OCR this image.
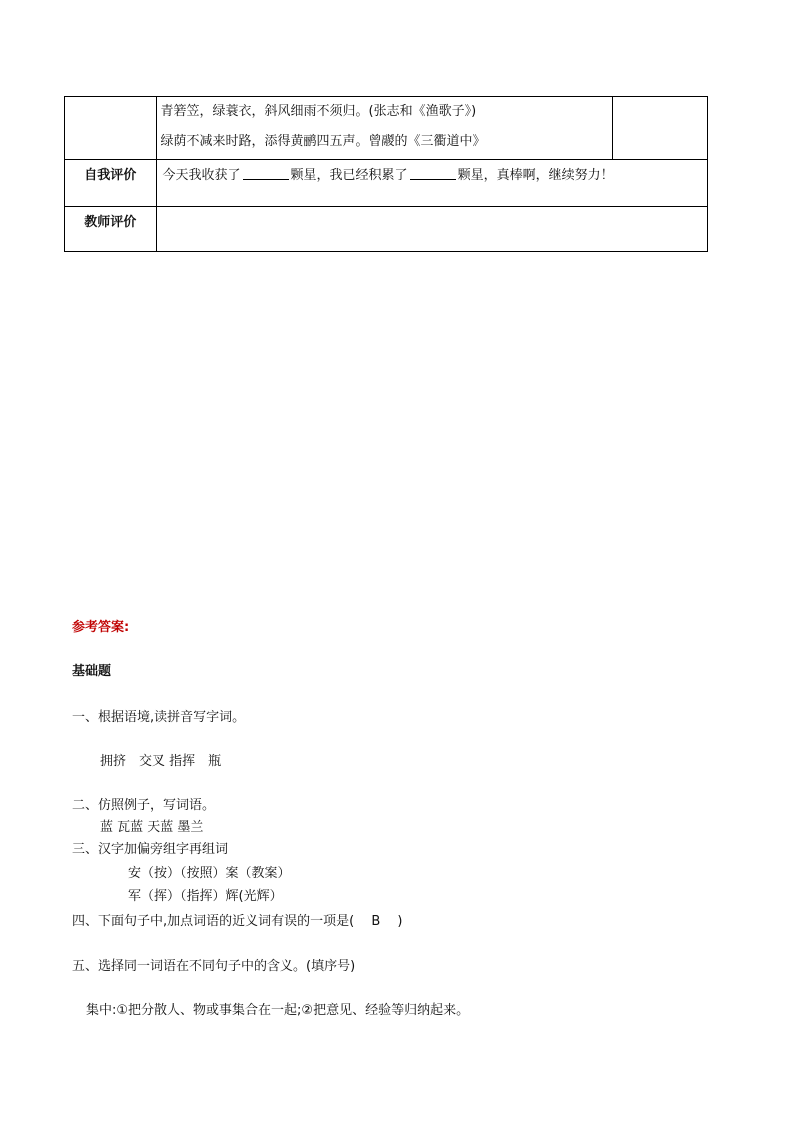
	青箬笠，绿蓑衣，斜风细雨不须归。(张志和《渔歌子》)
绿荫不减来时路，添得黄鹂四五声。曾鬷的《三衢道中》	

自我评价	今天我收获了 颗星，我已经积累了 颗星，真棒啊，继续努力！	

教师评价		

参考答案:
基础题
一、根据语境,读拼音写字词。
拥挤　交叉 指挥　瓶
二、仿照例子，写词语。
蓝 瓦蓝 天蓝 墨兰
三、汉字加偏旁组字再组词
安（按）（按照）案（教案）
军（挥）（指挥）辉(光辉）
四、下面句子中,加点词语的近义词有误的一项是(　 B　 )
五、选择同一词语在不同句子中的含义。(填序号)
集中:①把分散人、物或事集合在一起;②把意见、经验等归纳起来。
